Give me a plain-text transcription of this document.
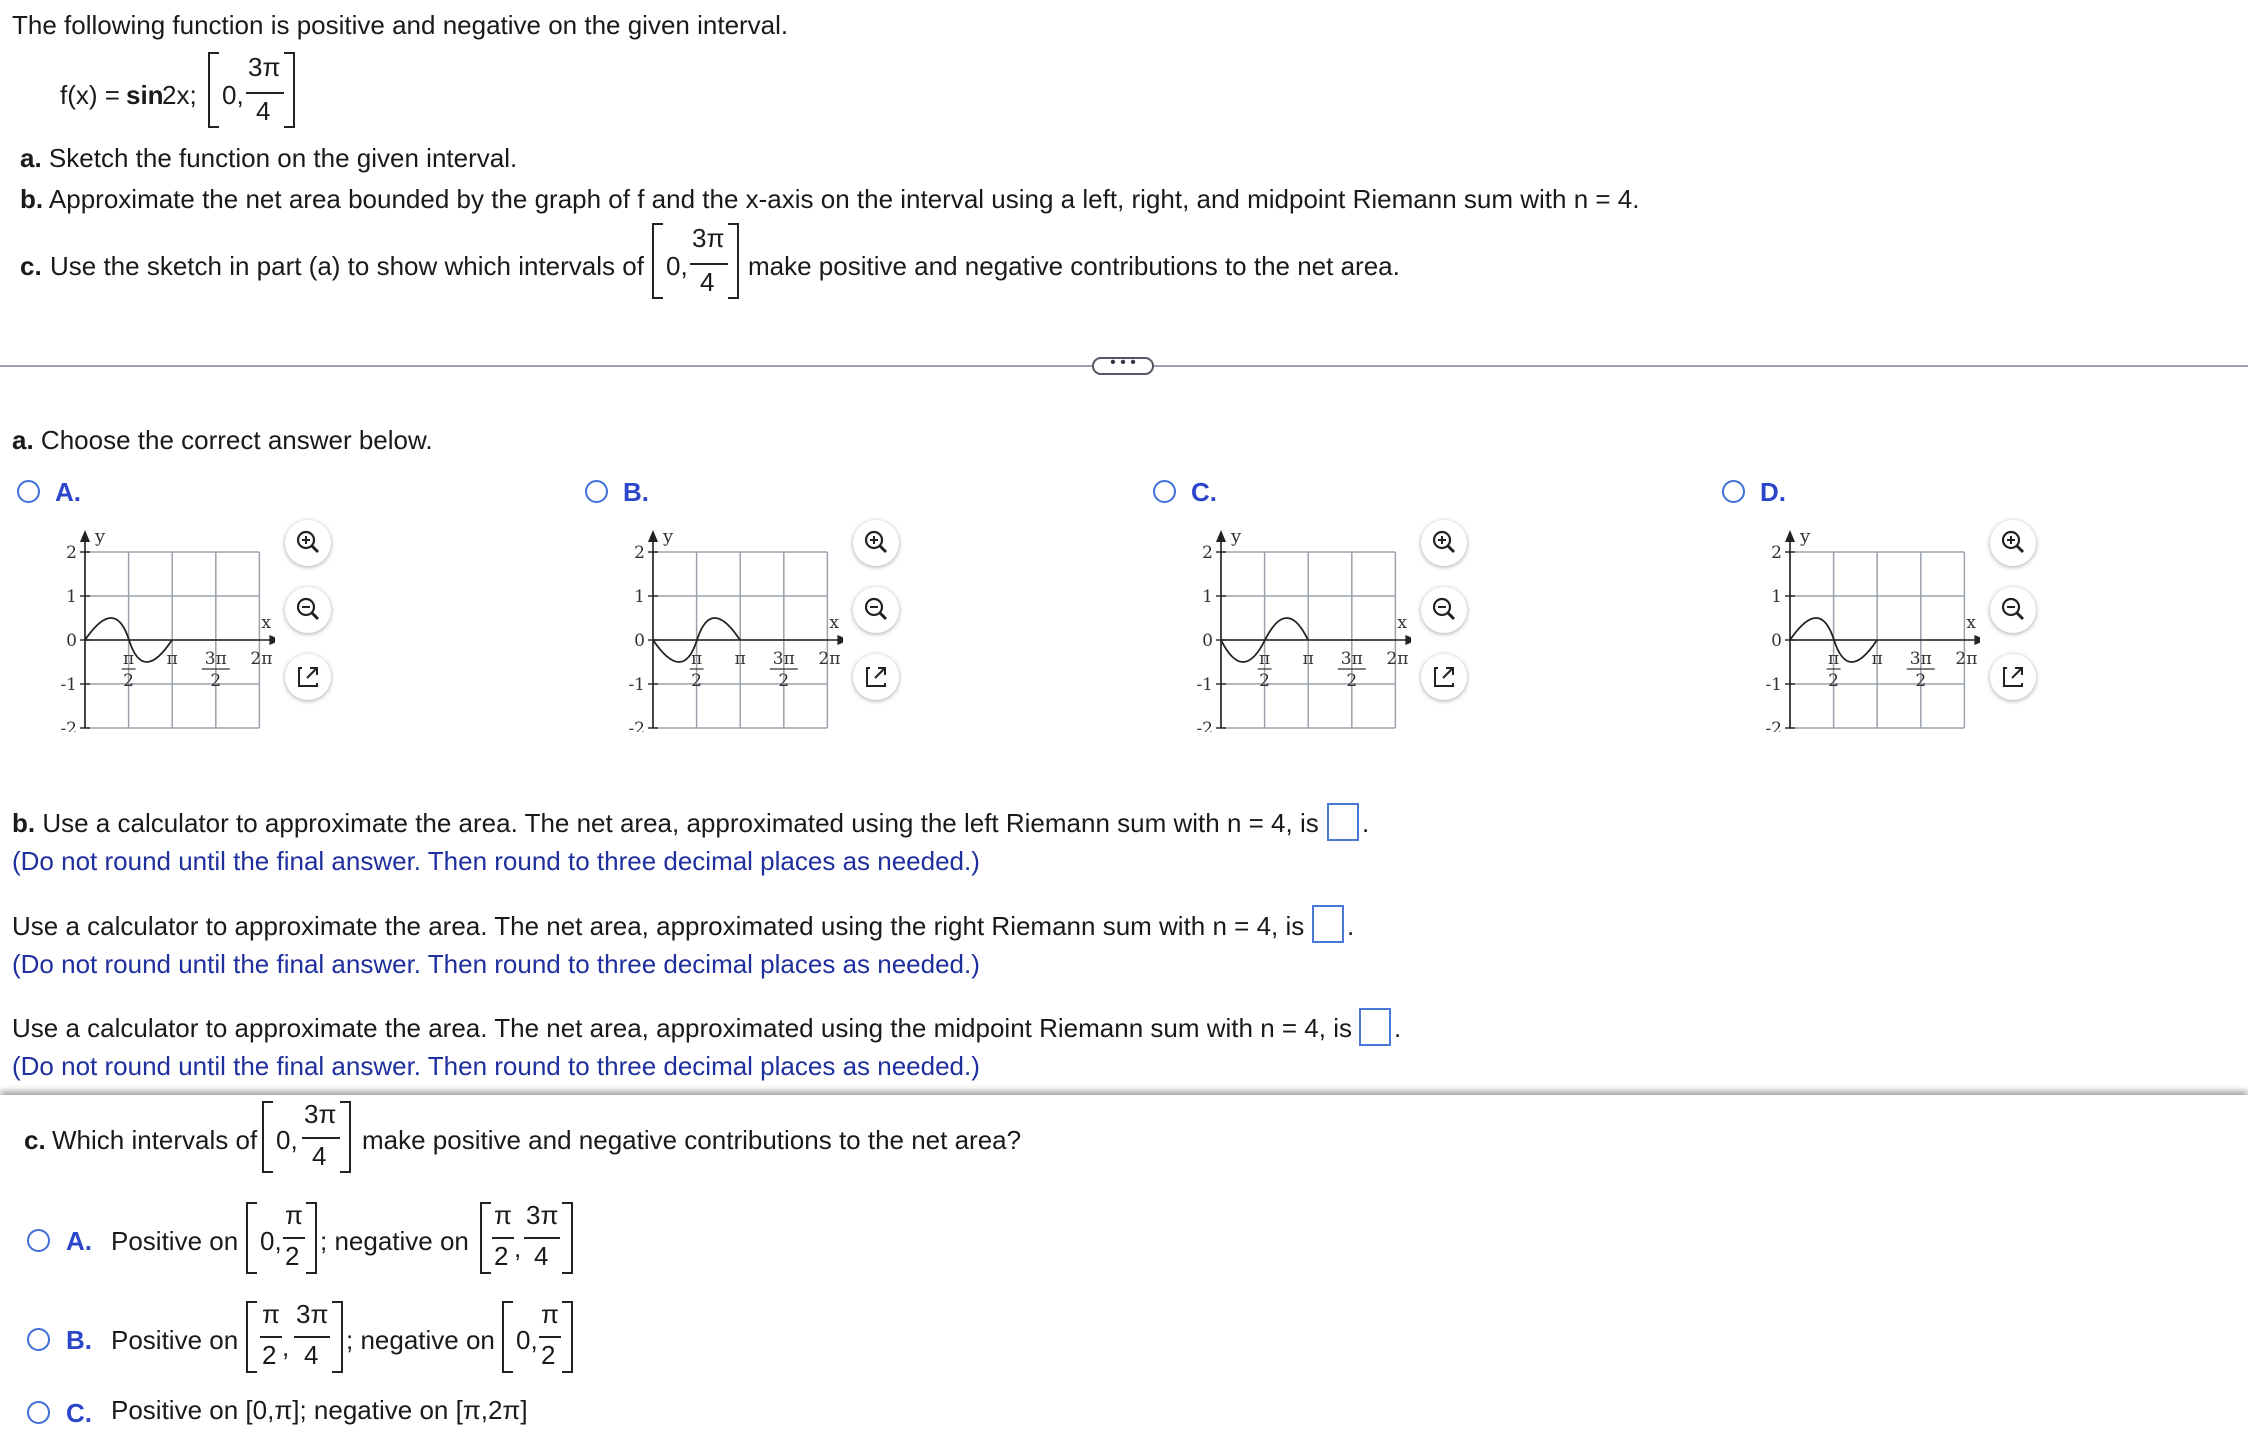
The following function is positive and negative on the given interval.
f(x) = sin
2x; 0,
3π
4
a. Sketch the function on the given interval.
b. Approximate the net area bounded by the graph of f and the x-axis on the interval using a left, right, and midpoint Riemann sum with n = 4.
c. Use the sketch in part (a) to show which intervals of 0,
3π
4
make positive and negative contributions to the net area.
• • •
a. Choose the correct answer below.
A.
2
1
0
-1
-2
y
x
π
2
π 3π
2
2π
B.
2
1
0
-1
-2
y
x
π
2
π 3π
2
2π
C.
2
1
0
-1
-2
y
x
π
2
π 3π
2
2π
D.
2
1
0
-1
-2
y
x
π
2
π 3π
2
2π
b. Use a calculator to approximate the area. The net area, approximated using the left Riemann sum with n = 4, is .
(Do not round until the final answer. Then round to three decimal places as needed.)
Use a calculator to approximate the area. The net area, approximated using the right Riemann sum with n = 4, is .
(Do not round until the final answer. Then round to three decimal places as needed.)
Use a calculator to approximate the area. The net area, approximated using the midpoint Riemann sum with n = 4, is .
(Do not round until the final answer. Then round to three decimal places as needed.)
c. Which intervals of 0,
3π
4
make positive and negative contributions to the net area?
A. Positive on 0,
π
2 ; negative on
π
2 ,
3π
4
B. Positive on
π
2 ,
3π
4 ; negative on 0,
π
2
C. Positive on [0,π]; negative on [π,2π]
